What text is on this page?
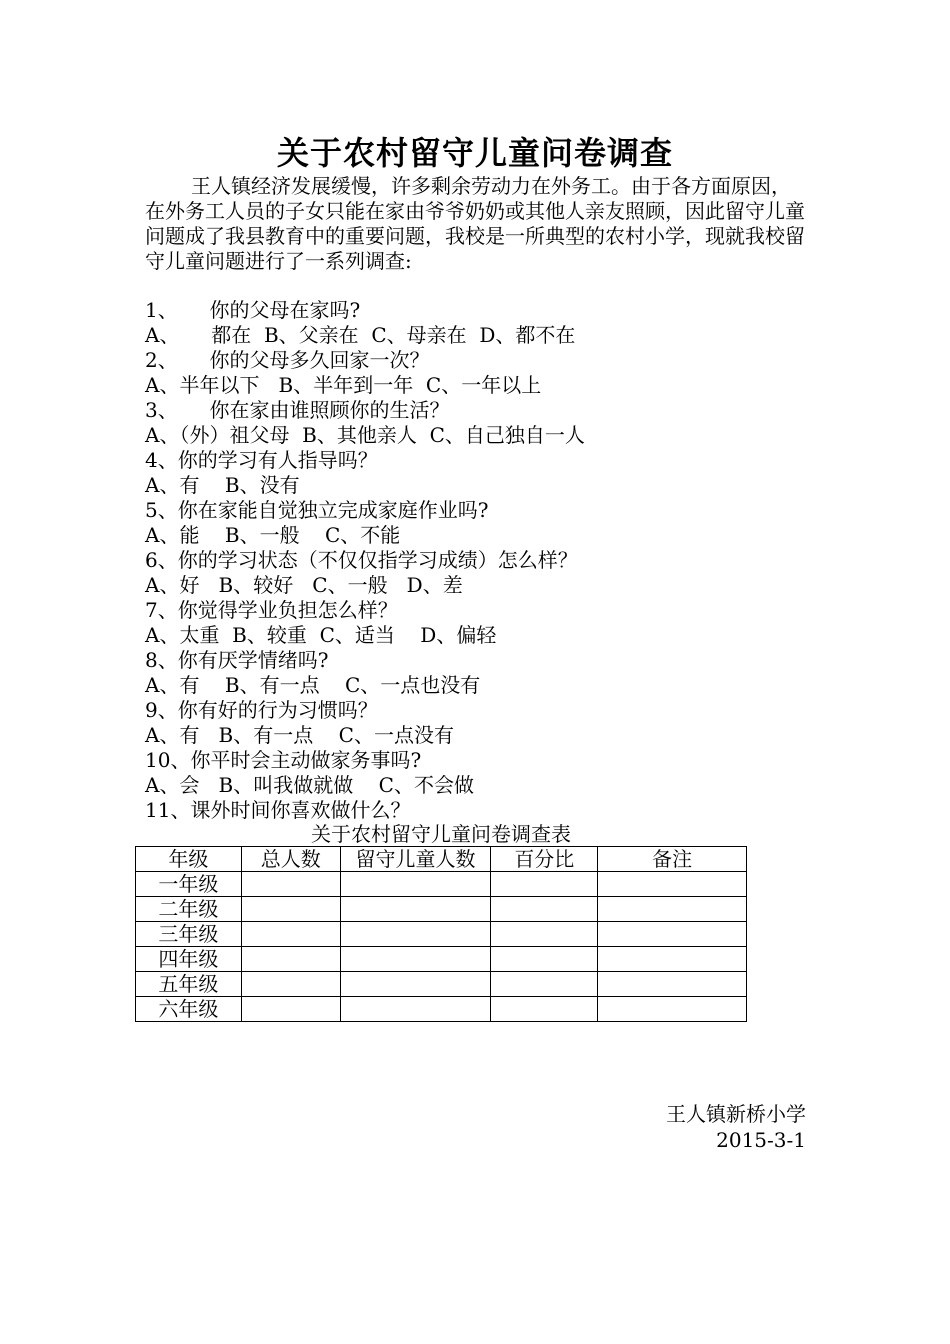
关于农村留守儿童问卷调查

王人镇经济发展缓慢，许多剩余劳动力在外务工。由于各方面原因，在外务工人员的子女只能在家由爷爷奶奶或其他人亲友照顾，因此留守儿童问题成了我县教育中的重要问题，我校是一所典型的农村小学，现就我校留守儿童问题进行了一系列调查:

1、     你的父母在家吗?
A、     都在  B、父亲在  C、母亲在  D、都不在
2、     你的父母多久回家一次？
A、半年以下   B、半年到一年  C、一年以上
3、     你在家由谁照顾你的生活？
A、（外）祖父母  B、其他亲人  C、自己独自一人
4、你的学习有人指导吗？
A、有    B、没有
5、你在家能自觉独立完成家庭作业吗?
A、能    B、一般    C、不能
6、你的学习状态（不仅仅指学习成绩）怎么样？
A、好   B、较好   C、一般   D、差
7、你觉得学业负担怎么样？
A、太重  B、较重  C、适当    D、偏轻
8、你有厌学情绪吗?
A、有    B、有一点    C、一点也没有
9、你有好的行为习惯吗？
A、有   B、有一点    C、一点没有
10、你平时会主动做家务事吗?
A、会   B、叫我做就做    C、不会做
11、课外时间你喜欢做什么？
关于农村留守儿童问卷调查表
年级	总人数	留守儿童人数	百分比	备注
一年级				
二年级				
三年级				
四年级				
五年级				
六年级				
王人镇新桥小学
2015-3-1
